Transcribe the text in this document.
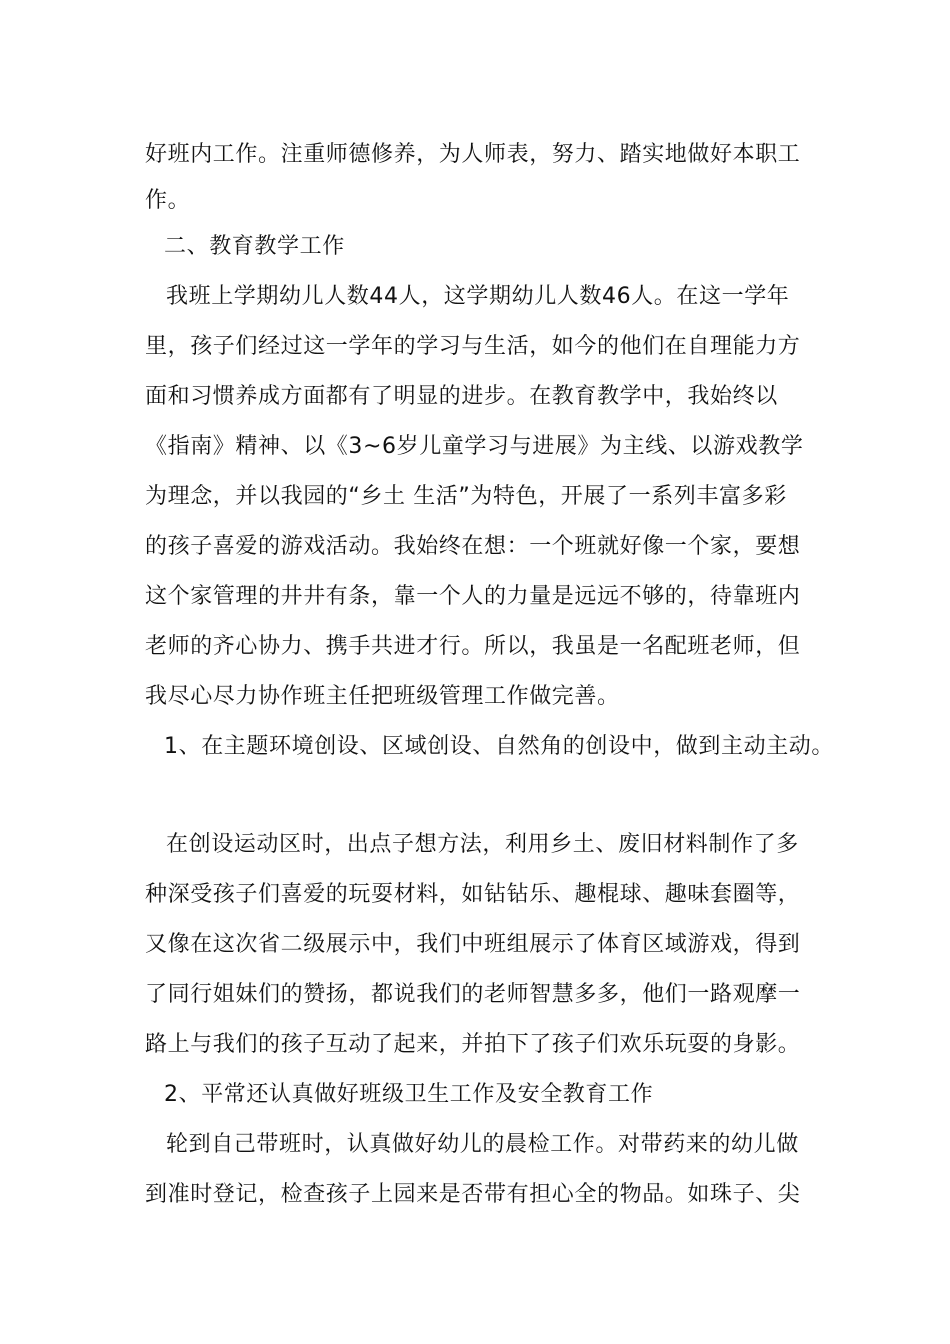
好班内工作。注重师德修养，为人师表，努力、踏实地做好本职工
作。
二、教育教学工作
我班上学期幼儿人数44人，这学期幼儿人数46人。在这一学年
里，孩子们经过这一学年的学习与生活，如今的他们在自理能力方
面和习惯养成方面都有了明显的进步。在教育教学中，我始终以
《指南》精神、以《3~6岁儿童学习与进展》为主线、以游戏教学
为理念，并以我园的“乡土 生活”为特色，开展了一系列丰富多彩
的孩子喜爱的游戏活动。我始终在想：一个班就好像一个家，要想
这个家管理的井井有条，靠一个人的力量是远远不够的，待靠班内
老师的齐心协力、携手共进才行。所以，我虽是一名配班老师，但
我尽心尽力协作班主任把班级管理工作做完善。
1、在主题环境创设、区域创设、自然角的创设中，做到主动主动。
在创设运动区时，出点子想方法，利用乡土、废旧材料制作了多
种深受孩子们喜爱的玩耍材料，如钻钻乐、趣棍球、趣味套圈等，
又像在这次省二级展示中，我们中班组展示了体育区域游戏，得到
了同行姐妹们的赞扬，都说我们的老师智慧多多，他们一路观摩一
路上与我们的孩子互动了起来，并拍下了孩子们欢乐玩耍的身影。
2、平常还认真做好班级卫生工作及安全教育工作
轮到自己带班时，认真做好幼儿的晨检工作。对带药来的幼儿做
到准时登记，检查孩子上园来是否带有担心全的物品。如珠子、尖
